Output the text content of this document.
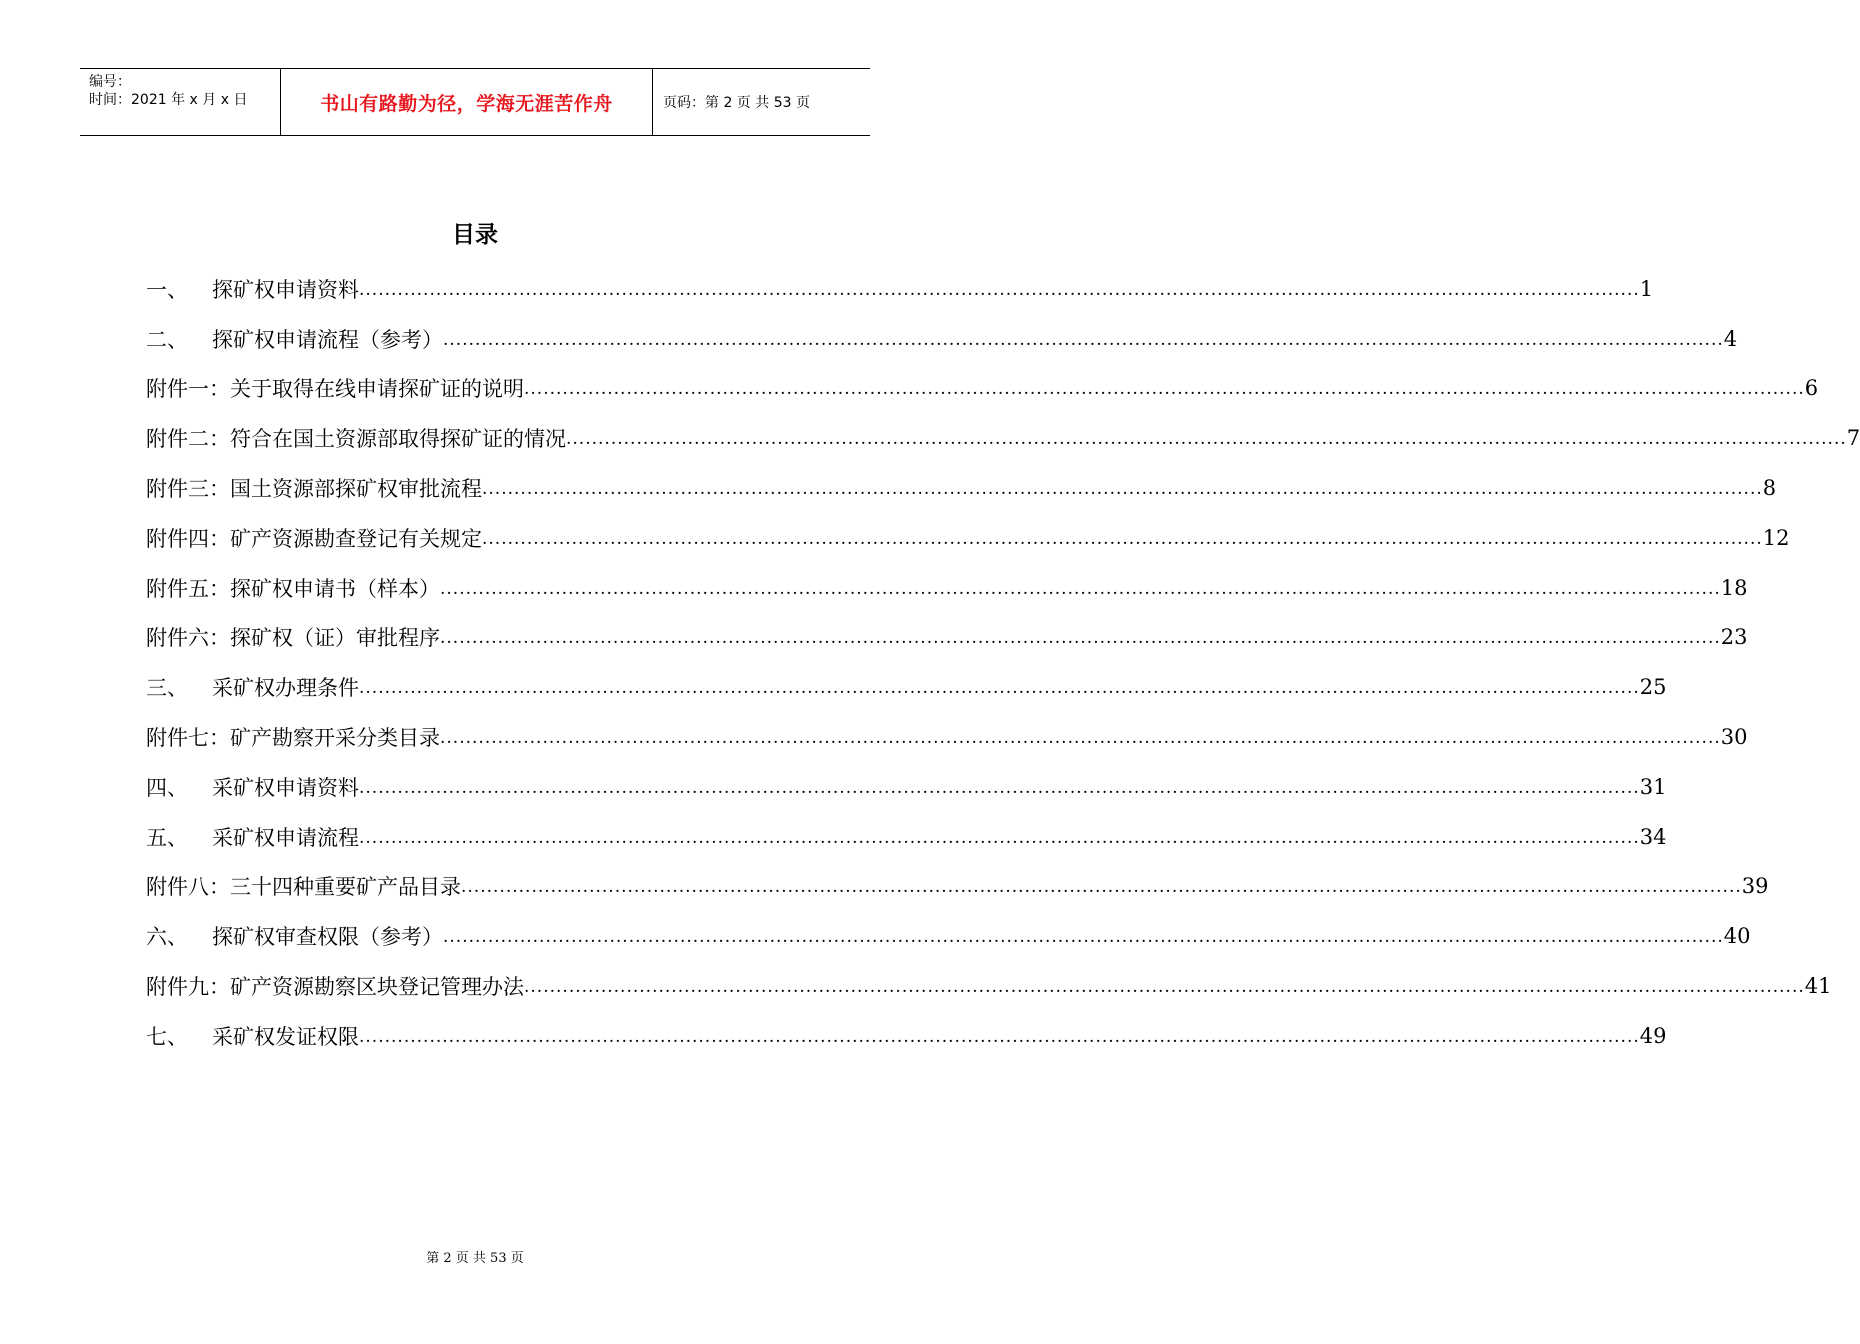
编号：
时间：2021 年 x 月 x 日	书山有路勤为径，学海无涯苦作舟	页码：第 2 页 共 53 页
目录
一、	探矿权申请资料 ........................................................................................................................................................................................................ 1
二、	探矿权申请流程（参考） ........................................................................................................................................................................................................ 4
附件一：关于取得在线申请探矿证的说明 ........................................................................................................................................................................................................ 6
附件二：符合在国土资源部取得探矿证的情况 ........................................................................................................................................................................................................ 7
附件三：国土资源部探矿权审批流程 ........................................................................................................................................................................................................ 8
附件四：矿产资源勘查登记有关规定 ........................................................................................................................................................................................................ 12
附件五：探矿权申请书（样本） ........................................................................................................................................................................................................ 18
附件六：探矿权（证）审批程序 ........................................................................................................................................................................................................ 23
三、	采矿权办理条件 ........................................................................................................................................................................................................ 25
附件七：矿产勘察开采分类目录 ........................................................................................................................................................................................................ 30
四、	采矿权申请资料 ........................................................................................................................................................................................................ 31
五、	采矿权申请流程 ........................................................................................................................................................................................................ 34
附件八：三十四种重要矿产品目录 ........................................................................................................................................................................................................ 39
六、	探矿权审查权限（参考） ........................................................................................................................................................................................................ 40
附件九：矿产资源勘察区块登记管理办法 ........................................................................................................................................................................................................ 41
七、	采矿权发证权限 ........................................................................................................................................................................................................ 49
第 2 页 共 53 页
